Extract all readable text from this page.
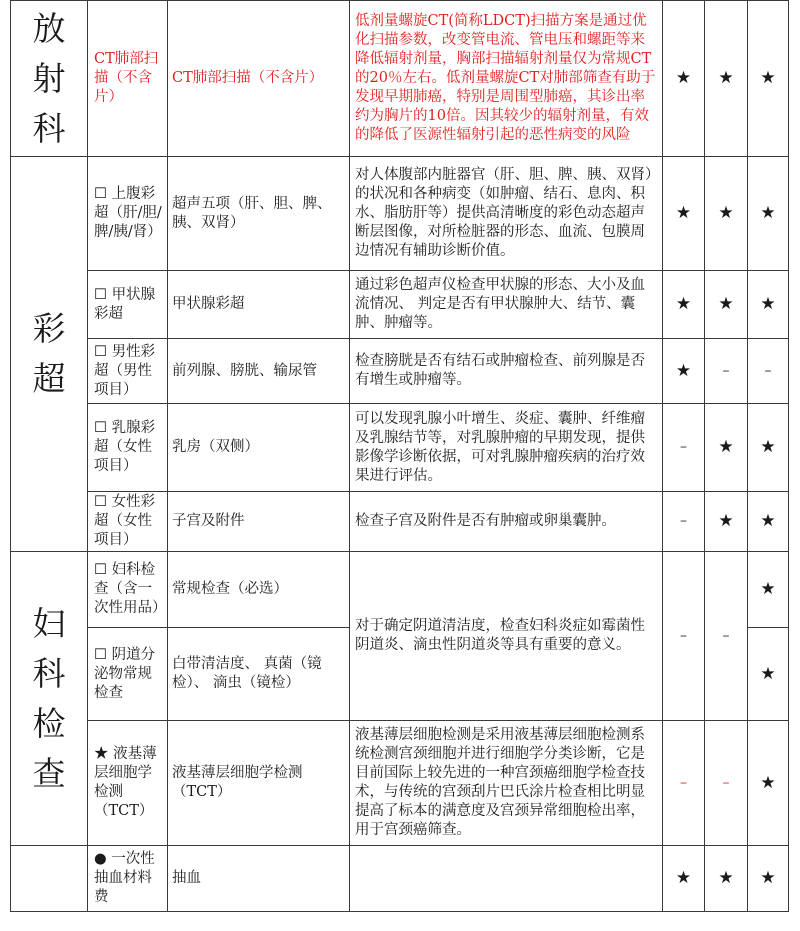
放射科	CT肺部扫描（不含片）	CT肺部扫描（不含片）	低剂量螺旋CT(简称LDCT)扫描方案是通过优化扫描参数，改变管电流、管电压和螺距等来降低辐射剂量，胸部扫描辐射剂量仅为常规CT的20％左右。低剂量螺旋CT对肺部筛查有助于发现早期肺癌，特别是周围型肺癌，其诊出率约为胸片的10倍。因其较少的辐射剂量，有效的降低了医源性辐射引起的恶性病变的风险	★	★	★
彩超	☐ 上腹彩超（肝/胆/脾/胰/肾）	超声五项（肝、胆、脾、胰、双肾）	对人体腹部内脏器官（肝、胆、脾、胰、双肾）的状况和各种病变（如肿瘤、结石、息肉、积水、脂肪肝等）提供高清晰度的彩色动态超声断层图像，对所检脏器的形态、血流、包膜周边情况有辅助诊断价值。	★	★	★
	☐ 甲状腺彩超	甲状腺彩超	通过彩色超声仪检查甲状腺的形态、大小及血流情况、 判定是否有甲状腺肿大、结节、囊肿、肿瘤等。	★	★	★
	☐ 男性彩超（男性项目）	前列腺、膀胱、输尿管	检查膀胱是否有结石或肿瘤检查、前列腺是否有增生或肿瘤等。	★	–	–
	☐ 乳腺彩超（女性项目）	乳房（双侧）	可以发现乳腺小叶增生、炎症、囊肿、纤维瘤及乳腺结节等，对乳腺肿瘤的早期发现，提供影像学诊断依据，可对乳腺肿瘤疾病的治疗效果进行评估。	–	★	★
	☐ 女性彩超（女性项目）	子宫及附件	检查子宫及附件是否有肿瘤或卵巢囊肿。	–	★	★
妇科检查	☐ 妇科检查（含一次性用品）	常规检查（必选）	对于确定阴道清洁度，检查妇科炎症如霉菌性阴道炎、滴虫性阴道炎等具有重要的意义。	–	–	★
	☐ 阴道分泌物常规检查	白带清洁度、 真菌（镜检）、 滴虫（镜检）				★
	★ 液基薄层细胞学检测（TCT）	液基薄层细胞学检测（TCT）	液基薄层细胞检测是采用液基薄层细胞检测系统检测宫颈细胞并进行细胞学分类诊断，它是目前国际上较先进的一种宫颈癌细胞学检查技术，与传统的宫颈刮片巴氏涂片检查相比明显提高了标本的满意度及宫颈异常细胞检出率，用于宫颈癌筛查。	–	–	★
	● 一次性抽血材料费	抽血		★	★	★
